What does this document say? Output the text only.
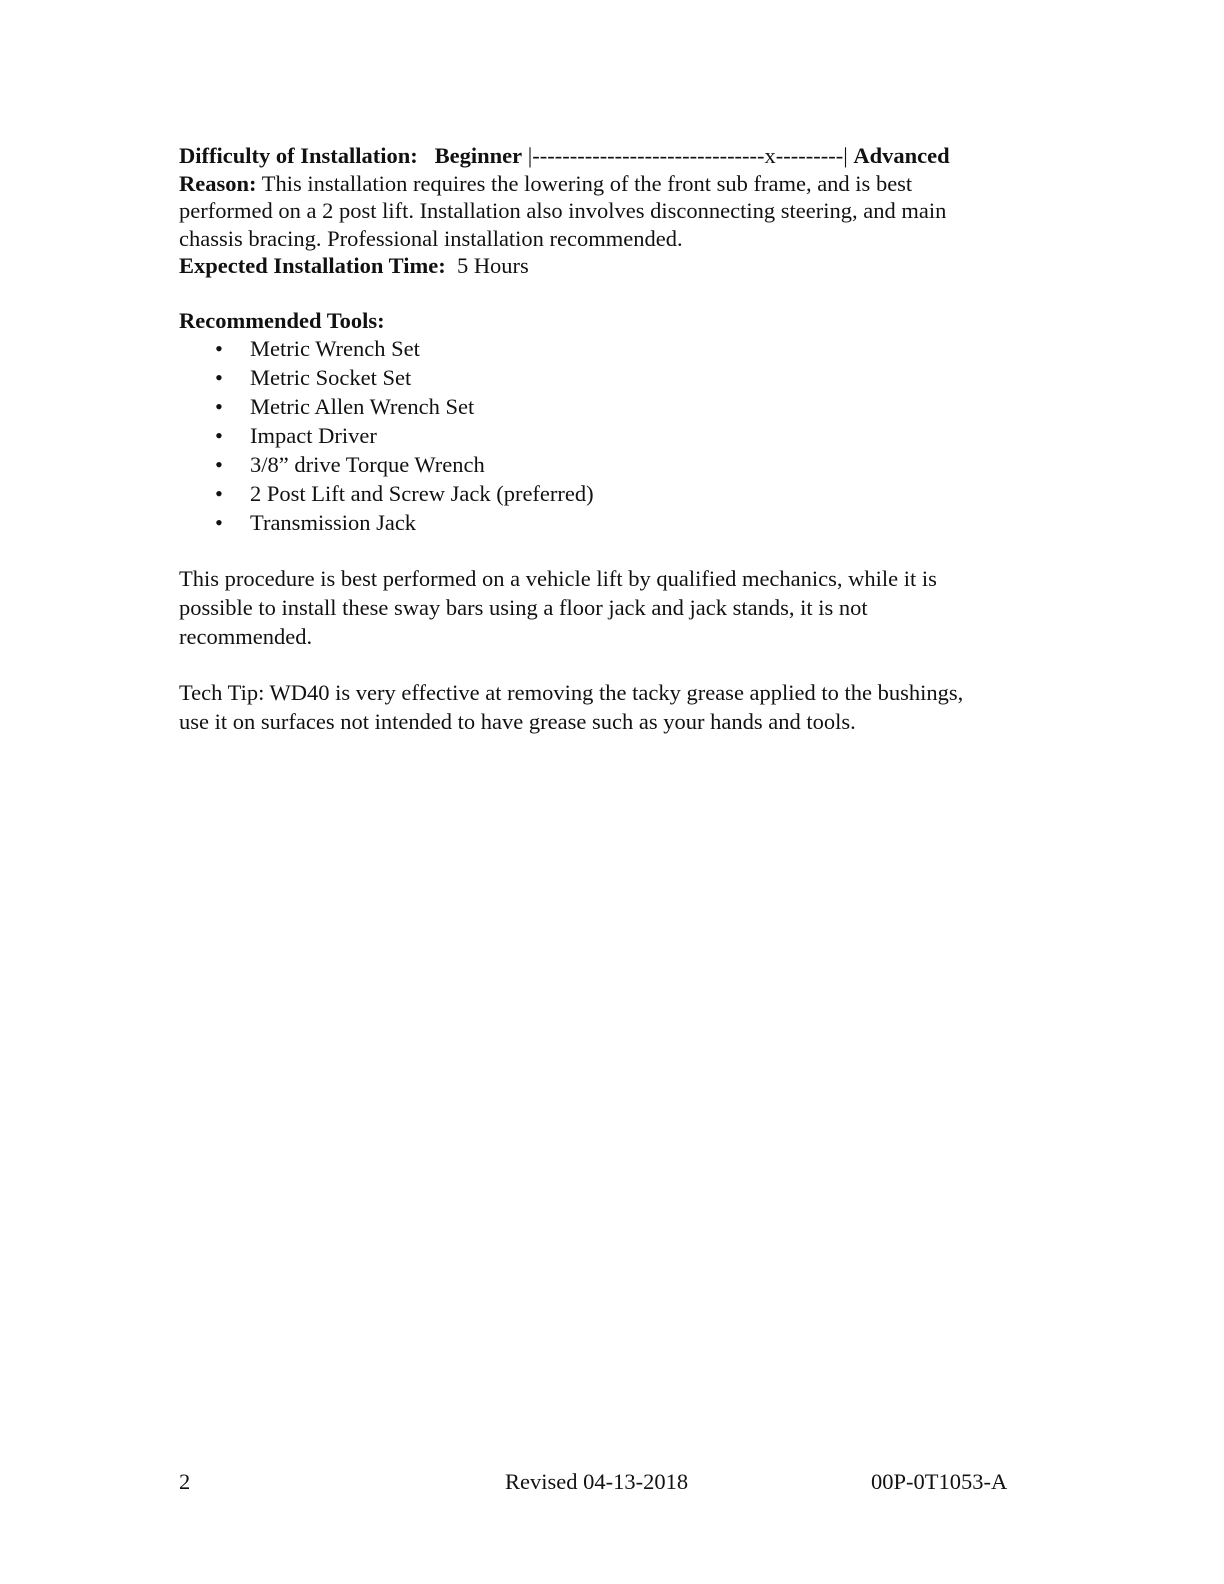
Difficulty of Installation: Beginner |-------------------------------x---------| Advanced
Reason: This installation requires the lowering of the front sub frame, and is best
performed on a 2 post lift. Installation also involves disconnecting steering, and main
chassis bracing. Professional installation recommended.
Expected Installation Time: 5 Hours
Recommended Tools:
• Metric Wrench Set
• Metric Socket Set
• Metric Allen Wrench Set
• Impact Driver
• 3/8” drive Torque Wrench
• 2 Post Lift and Screw Jack (preferred)
• Transmission Jack
This procedure is best performed on a vehicle lift by qualified mechanics, while it is
possible to install these sway bars using a floor jack and jack stands, it is not
recommended.
Tech Tip: WD40 is very effective at removing the tacky grease applied to the bushings,
use it on surfaces not intended to have grease such as your hands and tools.
2	Revised 04-13-2018	00P-0T1053-A
